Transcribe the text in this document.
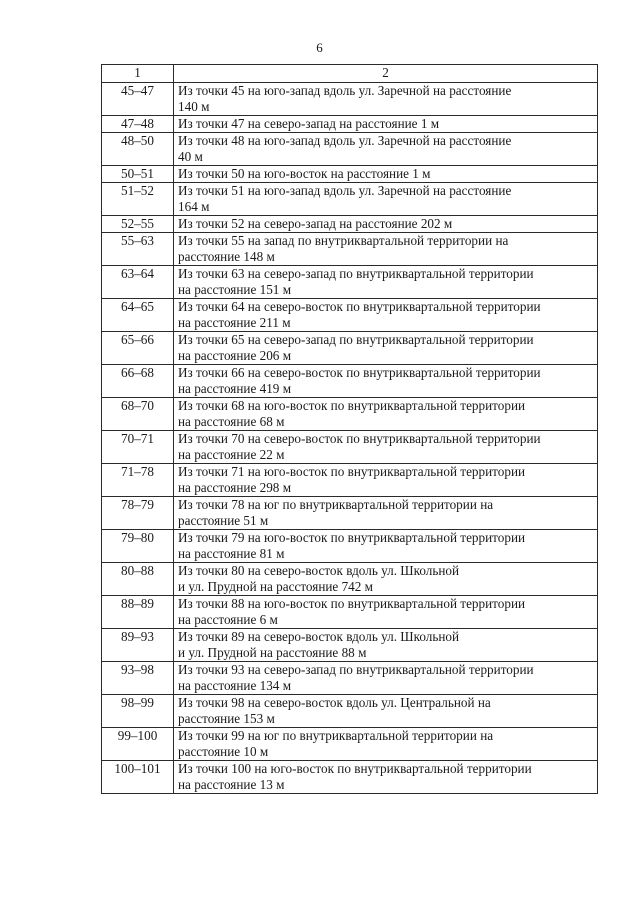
6
1	2
45–47	Из точки 45 на юго-запад вдоль ул. Заречной на расстояние
140 м

47–48	Из точки 47 на северо-запад на расстояние 1 м

48–50	Из точки 48 на юго-запад вдоль ул. Заречной на расстояние
40 м

50–51	Из точки 50 на юго-восток на расстояние 1 м

51–52	Из точки 51 на юго-запад вдоль ул. Заречной на расстояние
164 м

52–55	Из точки 52 на северо-запад на расстояние 202 м

55–63	Из точки 55 на запад по внутриквартальной территории на
расстояние 148 м

63–64	Из точки 63 на северо-запад по внутриквартальной территории
на расстояние 151 м

64–65	Из точки 64 на северо-восток по внутриквартальной территории
на расстояние 211 м

65–66	Из точки 65 на северо-запад по внутриквартальной территории
на расстояние 206 м

66–68	Из точки 66 на северо-восток по внутриквартальной территории
на расстояние 419 м

68–70	Из точки 68 на юго-восток по внутриквартальной территории
на расстояние 68 м

70–71	Из точки 70 на северо-восток по внутриквартальной территории
на расстояние 22 м

71–78	Из точки 71 на юго-восток по внутриквартальной территории
на расстояние 298 м

78–79	Из точки 78 на юг по внутриквартальной территории на
расстояние 51 м

79–80	Из точки 79 на юго-восток по внутриквартальной территории
на расстояние 81 м

80–88	Из точки 80 на северо-восток вдоль ул. Школьной
и ул. Прудной на расстояние 742 м

88–89	Из точки 88 на юго-восток по внутриквартальной территории
на расстояние 6 м

89–93	Из точки 89 на северо-восток вдоль ул. Школьной
и ул. Прудной на расстояние 88 м

93–98	Из точки 93 на северо-запад по внутриквартальной территории
на расстояние 134 м

98–99	Из точки 98 на северо-восток вдоль ул. Центральной на
расстояние 153 м

99–100	Из точки 99 на юг по внутриквартальной территории на
расстояние 10 м

100–101	Из точки 100 на юго-восток по внутриквартальной территории
на расстояние 13 м
